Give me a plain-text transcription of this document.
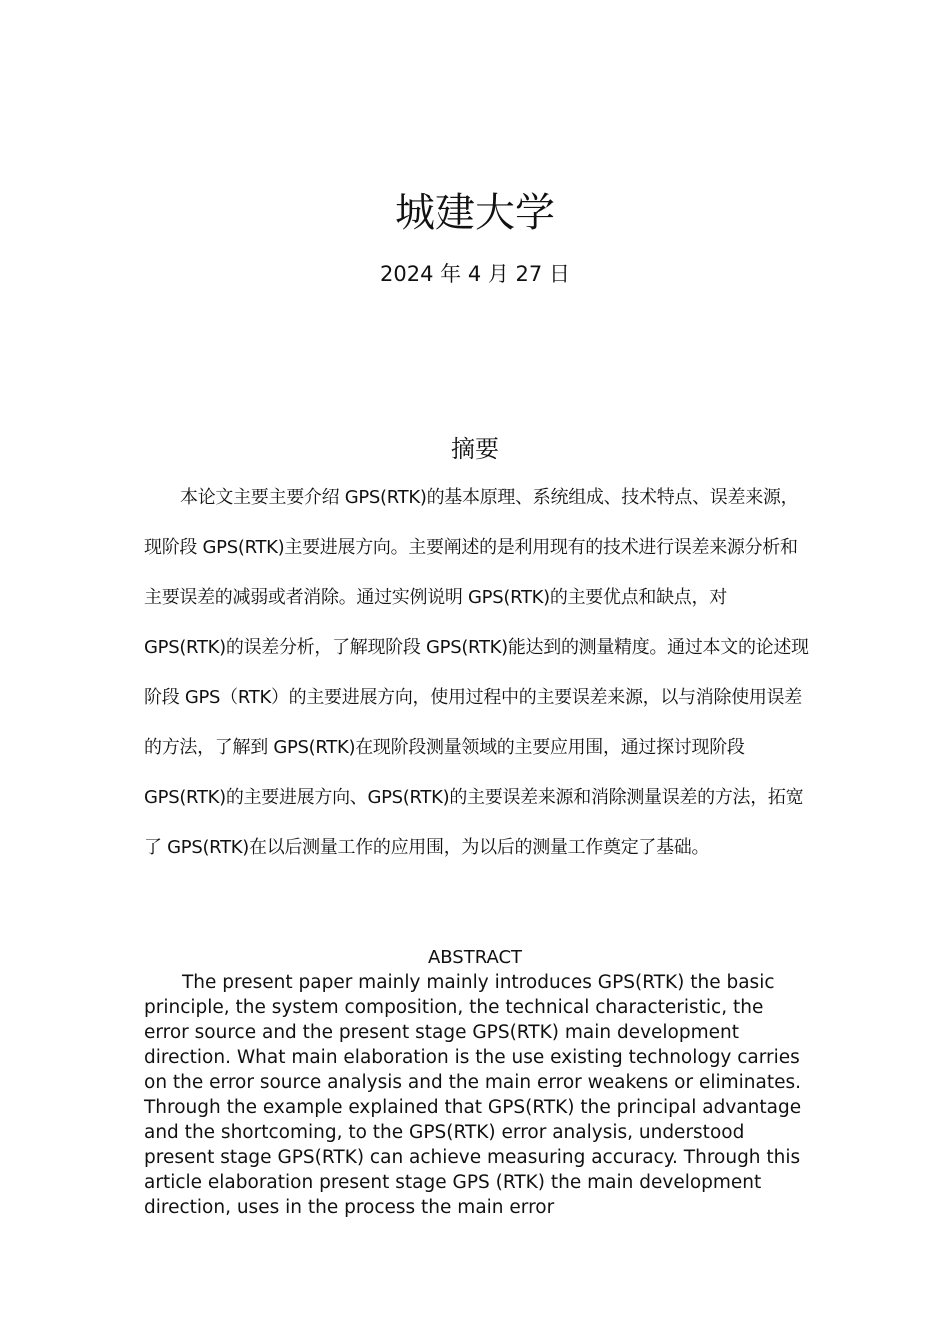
城建大学
2024 年 4 月 27 日
摘要

本论文主要主要介绍 GPS(RTK)的基本原理、系统组成、技术特点、误差来源，现阶段 GPS(RTK)主要进展方向。主要阐述的是利用现有的技术进行误差来源分析和主要误差的减弱或者消除。通过实例说明 GPS(RTK)的主要优点和缺点，对 GPS(RTK)的误差分析，了解现阶段 GPS(RTK)能达到的测量精度。通过本文的论述现阶段 GPS（RTK）的主要进展方向，使用过程中的主要误差来源，以与消除使用误差的方法，了解到 GPS(RTK)在现阶段测量领域的主要应用围，通过探讨现阶段 GPS(RTK)的主要进展方向、GPS(RTK)的主要误差来源和消除测量误差的方法，拓宽了 GPS(RTK)在以后测量工作的应用围，为以后的测量工作奠定了基础。

ABSTRACT

The present paper mainly mainly introduces GPS(RTK) the basic principle, the system composition, the technical characteristic, the error source and the present stage GPS(RTK) main development direction. What main elaboration is the use existing technology carries on the error source analysis and the main error weakens or eliminates. Through the example explained that GPS(RTK) the principal advantage and the shortcoming, to the GPS(RTK) error analysis, understood present stage GPS(RTK) can achieve measuring accuracy. Through this article elaboration present stage GPS (RTK) the main development direction, uses in the process the main error
